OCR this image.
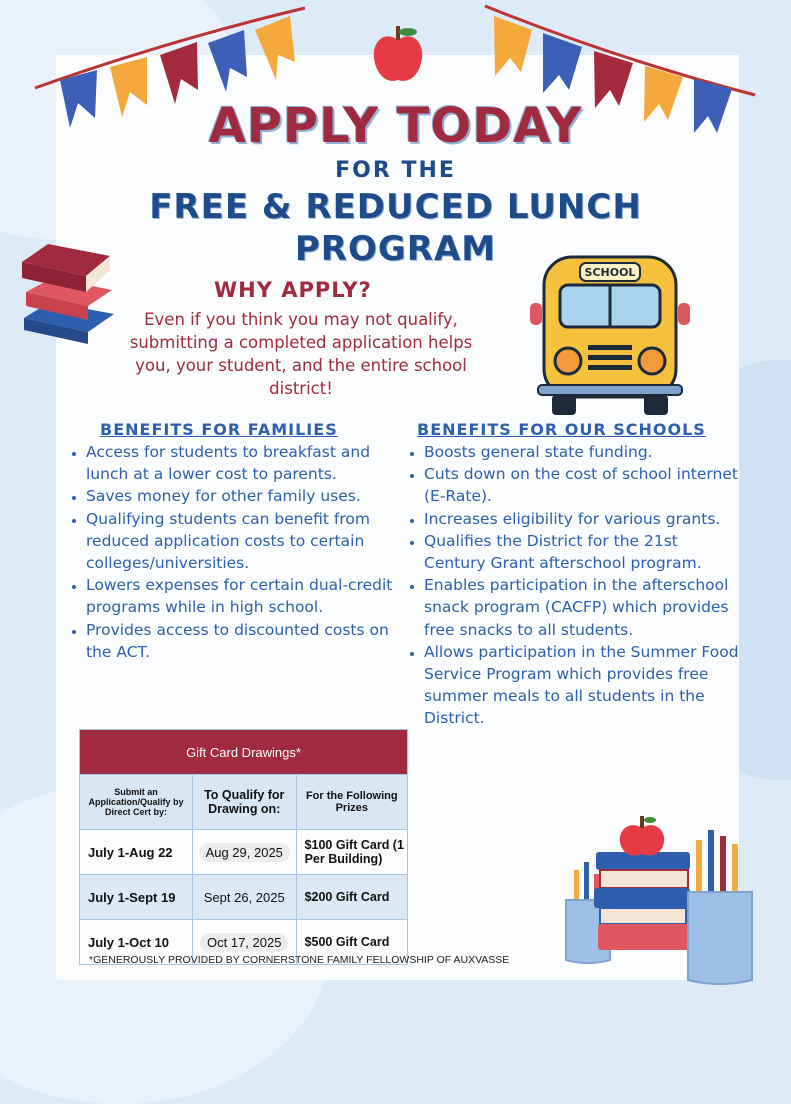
APPLY TODAY
FOR THE
FREE & REDUCED LUNCH PROGRAM
WHY APPLY?
Even if you think you may not qualify, submitting a completed application helps you, your student, and the entire school district!
SCHOOL
BENEFITS FOR FAMILIES
• Access for students to breakfast and lunch at a lower cost to parents.
• Saves money for other family uses.
• Qualifying students can benefit from reduced application costs to certain colleges/universities.
• Lowers expenses for certain dual-credit programs while in high school.
• Provides access to discounted costs on the ACT.
BENEFITS FOR OUR SCHOOLS
• Boosts general state funding.
• Cuts down on the cost of school internet (E-Rate).
• Increases eligibility for various grants.
• Qualifies the District for the 21st Century Grant afterschool program.
• Enables participation in the afterschool snack program (CACFP) which provides free snacks to all students.
• Allows participation in the Summer Food Service Program which provides free summer meals to all students in the District.
Gift Card Drawings*		
Submit an Application/Qualify by Direct Cert by:	To Qualify for Drawing on:	For the Following Prizes
July 1-Aug 22	Aug 29, 2025	$100 Gift Card (1 Per Building)
July 1-Sept 19	Sept 26, 2025	$200 Gift Card
July 1-Oct 10	Oct 17, 2025	$500 Gift Card
*GENEROUSLY PROVIDED BY CORNERSTONE FAMILY FELLOWSHIP OF AUXVASSE
